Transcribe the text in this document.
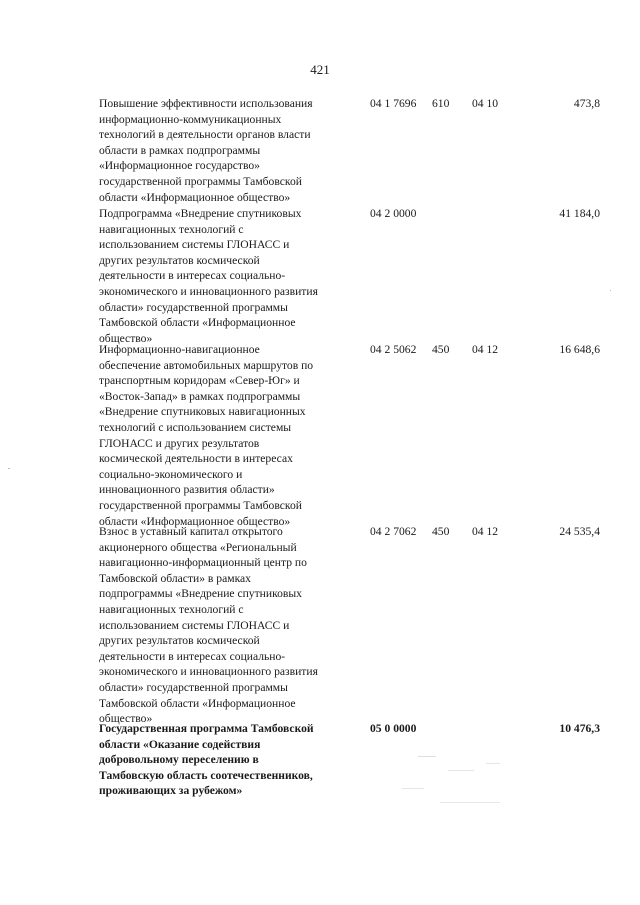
421
Повышение эффективности использования
информационно-коммуникационных
технологий в деятельности органов власти
области в рамках подпрограммы
«Информационное государство»
государственной программы Тамбовской
области «Информационное общество»
04 1 7696 610 04 10	473,8
Подпрограмма «Внедрение спутниковых
навигационных технологий с
использованием системы ГЛОНАСС и
других результатов космической
деятельности в интересах социально-
экономического и инновационного развития
области» государственной программы
Тамбовской области «Информационное
общество»
04 2 0000	41 184,0
Информационно-навигационное
обеспечение автомобильных маршрутов по
транспортным коридорам «Север-Юг» и
«Восток-Запад» в рамках подпрограммы
«Внедрение спутниковых навигационных
технологий с использованием системы
ГЛОНАСС и других результатов
космической деятельности в интересах
социально-экономического и
инновационного развития области»
государственной программы Тамбовской
области «Информационное общество»
04 2 5062 450 04 12	16 648,6
Взнос в уставный капитал открытого
акционерного общества «Региональный
навигационно-информационный центр по
Тамбовской области» в рамках
подпрограммы «Внедрение спутниковых
навигационных технологий с
использованием системы ГЛОНАСС и
других результатов космической
деятельности в интересах социально-
экономического и инновационного развития
области» государственной программы
Тамбовской области «Информационное
общество»
04 2 7062 450 04 12	24 535,4
Государственная программа Тамбовской
области «Оказание содействия
добровольному переселению в
Тамбовскую область соотечественников,
проживающих за рубежом»
05 0 0000	10 476,3
